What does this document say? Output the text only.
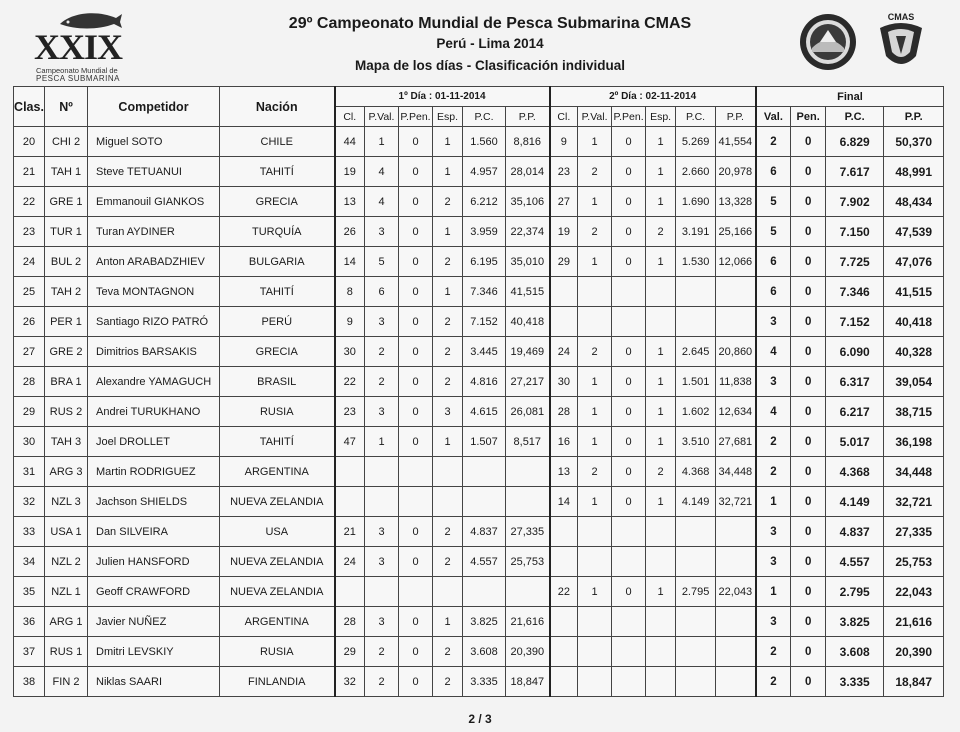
XXIX
Campeonato Mundial de
PESCA SUBMARINA
CMAS
29º Campeonato Mundial de Pesca Submarina CMAS
Perú - Lima 2014
Mapa de los días - Clasificación individual
Clas.	Nº	Competidor	Nación	1º Día : 01-11-2014						2º Día : 02-11-2014						Final			
				Cl.	P.Val.	P.Pen.	Esp.	P.C.	P.P.	Cl.	P.Val.	P.Pen.	Esp.	P.C.	P.P.	Val.	Pen.	P.C.	P.P.
20	CHI 2	Miguel SOTO	CHILE	44	1	0	1	1.560	8,816	9	1	0	1	5.269	41,554	2	0	6.829	50,370
21	TAH 1	Steve TETUANUI	TAHITÍ	19	4	0	1	4.957	28,014	23	2	0	1	2.660	20,978	6	0	7.617	48,991
22	GRE 1	Emmanouil GIANKOS	GRECIA	13	4	0	2	6.212	35,106	27	1	0	1	1.690	13,328	5	0	7.902	48,434
23	TUR 1	Turan AYDINER	TURQUÍA	26	3	0	1	3.959	22,374	19	2	0	2	3.191	25,166	5	0	7.150	47,539
24	BUL 2	Anton ARABADZHIEV	BULGARIA	14	5	0	2	6.195	35,010	29	1	0	1	1.530	12,066	6	0	7.725	47,076
25	TAH 2	Teva MONTAGNON	TAHITÍ	8	6	0	1	7.346	41,515							6	0	7.346	41,515
26	PER 1	Santiago RIZO PATRÓ	PERÚ	9	3	0	2	7.152	40,418							3	0	7.152	40,418
27	GRE 2	Dimitrios BARSAKIS	GRECIA	30	2	0	2	3.445	19,469	24	2	0	1	2.645	20,860	4	0	6.090	40,328
28	BRA 1	Alexandre YAMAGUCH	BRASIL	22	2	0	2	4.816	27,217	30	1	0	1	1.501	11,838	3	0	6.317	39,054
29	RUS 2	Andrei TURUKHANO	RUSIA	23	3	0	3	4.615	26,081	28	1	0	1	1.602	12,634	4	0	6.217	38,715
30	TAH 3	Joel DROLLET	TAHITÍ	47	1	0	1	1.507	8,517	16	1	0	1	3.510	27,681	2	0	5.017	36,198
31	ARG 3	Martin RODRIGUEZ	ARGENTINA							13	2	0	2	4.368	34,448	2	0	4.368	34,448
32	NZL 3	Jachson SHIELDS	NUEVA ZELANDIA							14	1	0	1	4.149	32,721	1	0	4.149	32,721
33	USA 1	Dan SILVEIRA	USA	21	3	0	2	4.837	27,335							3	0	4.837	27,335
34	NZL 2	Julien HANSFORD	NUEVA ZELANDIA	24	3	0	2	4.557	25,753							3	0	4.557	25,753
35	NZL 1	Geoff CRAWFORD	NUEVA ZELANDIA							22	1	0	1	2.795	22,043	1	0	2.795	22,043
36	ARG 1	Javier NUÑEZ	ARGENTINA	28	3	0	1	3.825	21,616							3	0	3.825	21,616
37	RUS 1	Dmitri LEVSKIY	RUSIA	29	2	0	2	3.608	20,390							2	0	3.608	20,390
38	FIN 2	Niklas SAARI	FINLANDIA	32	2	0	2	3.335	18,847							2	0	3.335	18,847
2 / 3
